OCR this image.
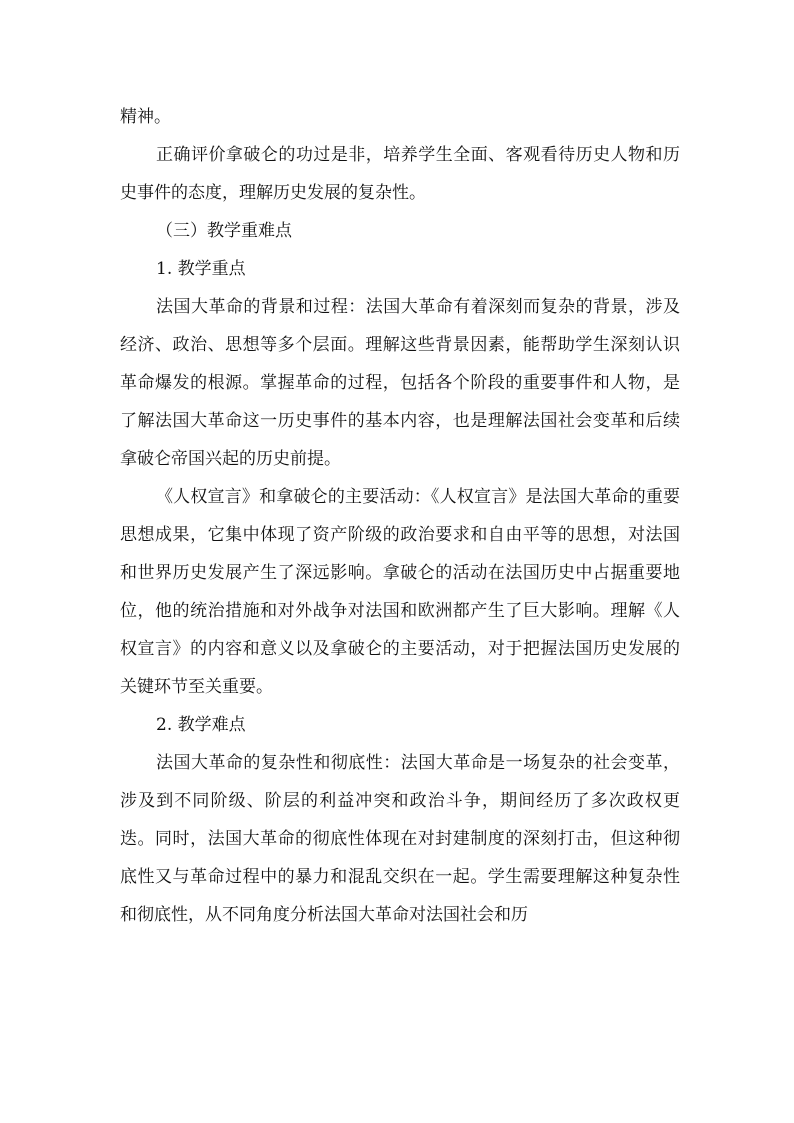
精神。

正确评价拿破仑的功过是非，培养学生全面、客观看待历史人物和历史事件的态度，理解历史发展的复杂性。

（三）教学重难点

1. 教学重点

法国大革命的背景和过程：法国大革命有着深刻而复杂的背景，涉及经济、政治、思想等多个层面。理解这些背景因素，能帮助学生深刻认识革命爆发的根源。掌握革命的过程，包括各个阶段的重要事件和人物，是了解法国大革命这一历史事件的基本内容，也是理解法国社会变革和后续拿破仑帝国兴起的历史前提。

《人权宣言》和拿破仑的主要活动：《人权宣言》是法国大革命的重要思想成果，它集中体现了资产阶级的政治要求和自由平等的思想，对法国和世界历史发展产生了深远影响。拿破仑的活动在法国历史中占据重要地位，他的统治措施和对外战争对法国和欧洲都产生了巨大影响。理解《人权宣言》的内容和意义以及拿破仑的主要活动，对于把握法国历史发展的关键环节至关重要。

2. 教学难点

法国大革命的复杂性和彻底性：法国大革命是一场复杂的社会变革，涉及到不同阶级、阶层的利益冲突和政治斗争，期间经历了多次政权更迭。同时，法国大革命的彻底性体现在对封建制度的深刻打击，但这种彻底性又与革命过程中的暴力和混乱交织在一起。学生需要理解这种复杂性和彻底性，从不同角度分析法国大革命对法国社会和历
